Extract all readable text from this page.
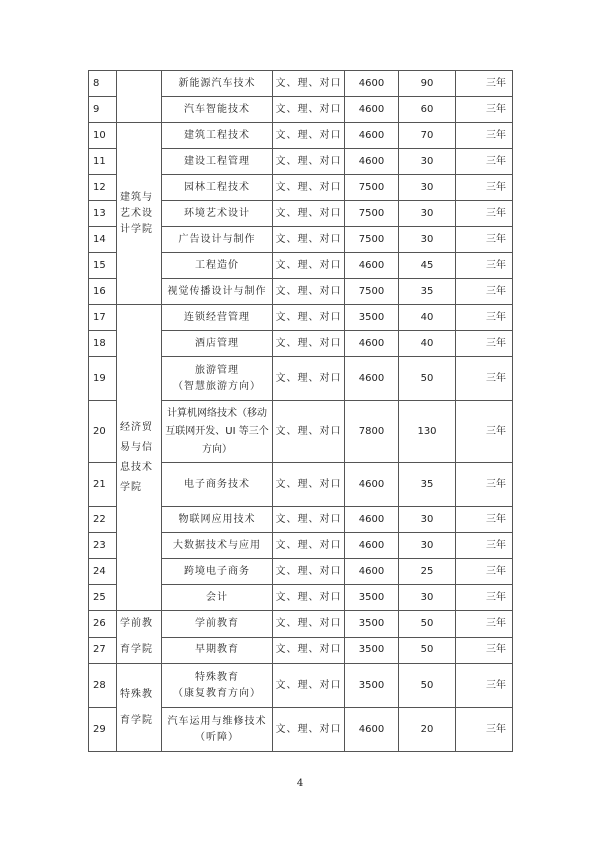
8		新能源汽车技术	文、理、对口	4600	90	三年
9		汽车智能技术	文、理、对口	4600	60	三年
10	建筑与
艺术设
计学院	建筑工程技术	文、理、对口	4600	70	三年
11		建设工程管理	文、理、对口	4600	30	三年
12		园林工程技术	文、理、对口	7500	30	三年
13		环境艺术设计	文、理、对口	7500	30	三年
14		广告设计与制作	文、理、对口	7500	30	三年
15		工程造价	文、理、对口	4600	45	三年
16		视觉传播设计与制作	文、理、对口	7500	35	三年
17	经济贸
易与信
息技术
学院	连锁经营管理	文、理、对口	3500	40	三年
18		酒店管理	文、理、对口	4600	40	三年
19		旅游管理
（智慧旅游方向）	文、理、对口	4600	50	三年
20		计算机网络技术（移动
互联网开发、UI 等三个
方向）	文、理、对口	7800	130	三年
21		电子商务技术	文、理、对口	4600	35	三年
22		物联网应用技术	文、理、对口	4600	30	三年
23		大数据技术与应用	文、理、对口	4600	30	三年
24		跨境电子商务	文、理、对口	4600	25	三年
25		会计	文、理、对口	3500	30	三年
26	学前教
育学院	学前教育	文、理、对口	3500	50	三年
27		早期教育	文、理、对口	3500	50	三年
28	特殊教
育学院	特殊教育
（康复教育方向）	文、理、对口	3500	50	三年
29		汽车运用与维修技术
（听障）	文、理、对口	4600	20	三年
4
